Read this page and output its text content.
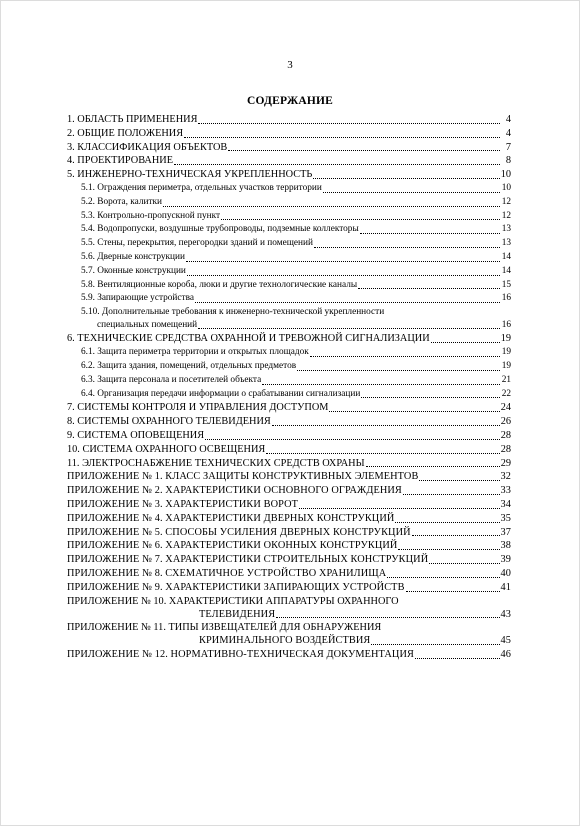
3
СОДЕРЖАНИЕ
1. ОБЛАСТЬ ПРИМЕНЕНИЯ	4
2. ОБЩИЕ ПОЛОЖЕНИЯ	4
3. КЛАССИФИКАЦИЯ ОБЪЕКТОВ	7
4. ПРОЕКТИРОВАНИЕ	8
5. ИНЖЕНЕРНО-ТЕХНИЧЕСКАЯ УКРЕПЛЕННОСТЬ	10
5.1. Ограждения периметра, отдельных участков территории	10
5.2. Ворота, калитки	12
5.3. Контрольно-пропускной пункт	12
5.4. Водопропуски, воздушные трубопроводы, подземные коллекторы	13
5.5. Стены, перекрытия, перегородки зданий и помещений	13
5.6. Дверные конструкции	14
5.7. Оконные конструкции	14
5.8. Вентиляционные короба, люки и другие технологические каналы	15
5.9. Запирающие устройства	16
5.10. Дополнительные требования к инженерно-технической укрепленности
специальных помещений	16
6. ТЕХНИЧЕСКИЕ СРЕДСТВА ОХРАННОЙ И ТРЕВОЖНОЙ СИГНАЛИЗАЦИИ	19
6.1. Защита периметра территории и открытых площадок	19
6.2. Защита здания, помещений, отдельных предметов	19
6.3. Защита персонала и посетителей объекта	21
6.4. Организация передачи информации о срабатывании сигнализации	22
7. СИСТЕМЫ КОНТРОЛЯ И УПРАВЛЕНИЯ ДОСТУПОМ	24
8. СИСТЕМЫ ОХРАННОГО ТЕЛЕВИДЕНИЯ	26
9. СИСТЕМА ОПОВЕЩЕНИЯ	28
10. СИСТЕМА ОХРАННОГО ОСВЕЩЕНИЯ	28
11. ЭЛЕКТРОСНАБЖЕНИЕ ТЕХНИЧЕСКИХ СРЕДСТВ ОХРАНЫ	29
ПРИЛОЖЕНИЕ № 1. КЛАСС ЗАЩИТЫ КОНСТРУКТИВНЫХ ЭЛЕМЕНТОВ	32
ПРИЛОЖЕНИЕ № 2. ХАРАКТЕРИСТИКИ ОСНОВНОГО ОГРАЖДЕНИЯ	33
ПРИЛОЖЕНИЕ № 3. ХАРАКТЕРИСТИКИ ВОРОТ	34
ПРИЛОЖЕНИЕ № 4. ХАРАКТЕРИСТИКИ ДВЕРНЫХ КОНСТРУКЦИЙ	35
ПРИЛОЖЕНИЕ № 5. СПОСОБЫ УСИЛЕНИЯ ДВЕРНЫХ КОНСТРУКЦИЙ	37
ПРИЛОЖЕНИЕ № 6. ХАРАКТЕРИСТИКИ ОКОННЫХ КОНСТРУКЦИЙ	38
ПРИЛОЖЕНИЕ № 7. ХАРАКТЕРИСТИКИ СТРОИТЕЛЬНЫХ КОНСТРУКЦИЙ	39
ПРИЛОЖЕНИЕ № 8. СХЕМАТИЧНОЕ УСТРОЙСТВО ХРАНИЛИЩА	40
ПРИЛОЖЕНИЕ № 9. ХАРАКТЕРИСТИКИ ЗАПИРАЮЩИХ УСТРОЙСТВ	41
ПРИЛОЖЕНИЕ № 10. ХАРАКТЕРИСТИКИ АППАРАТУРЫ ОХРАННОГО
ТЕЛЕВИДЕНИЯ	43
ПРИЛОЖЕНИЕ № 11. ТИПЫ ИЗВЕЩАТЕЛЕЙ ДЛЯ ОБНАРУЖЕНИЯ
КРИМИНАЛЬНОГО ВОЗДЕЙСТВИЯ	45
ПРИЛОЖЕНИЕ № 12. НОРМАТИВНО-ТЕХНИЧЕСКАЯ ДОКУМЕНТАЦИЯ	46
